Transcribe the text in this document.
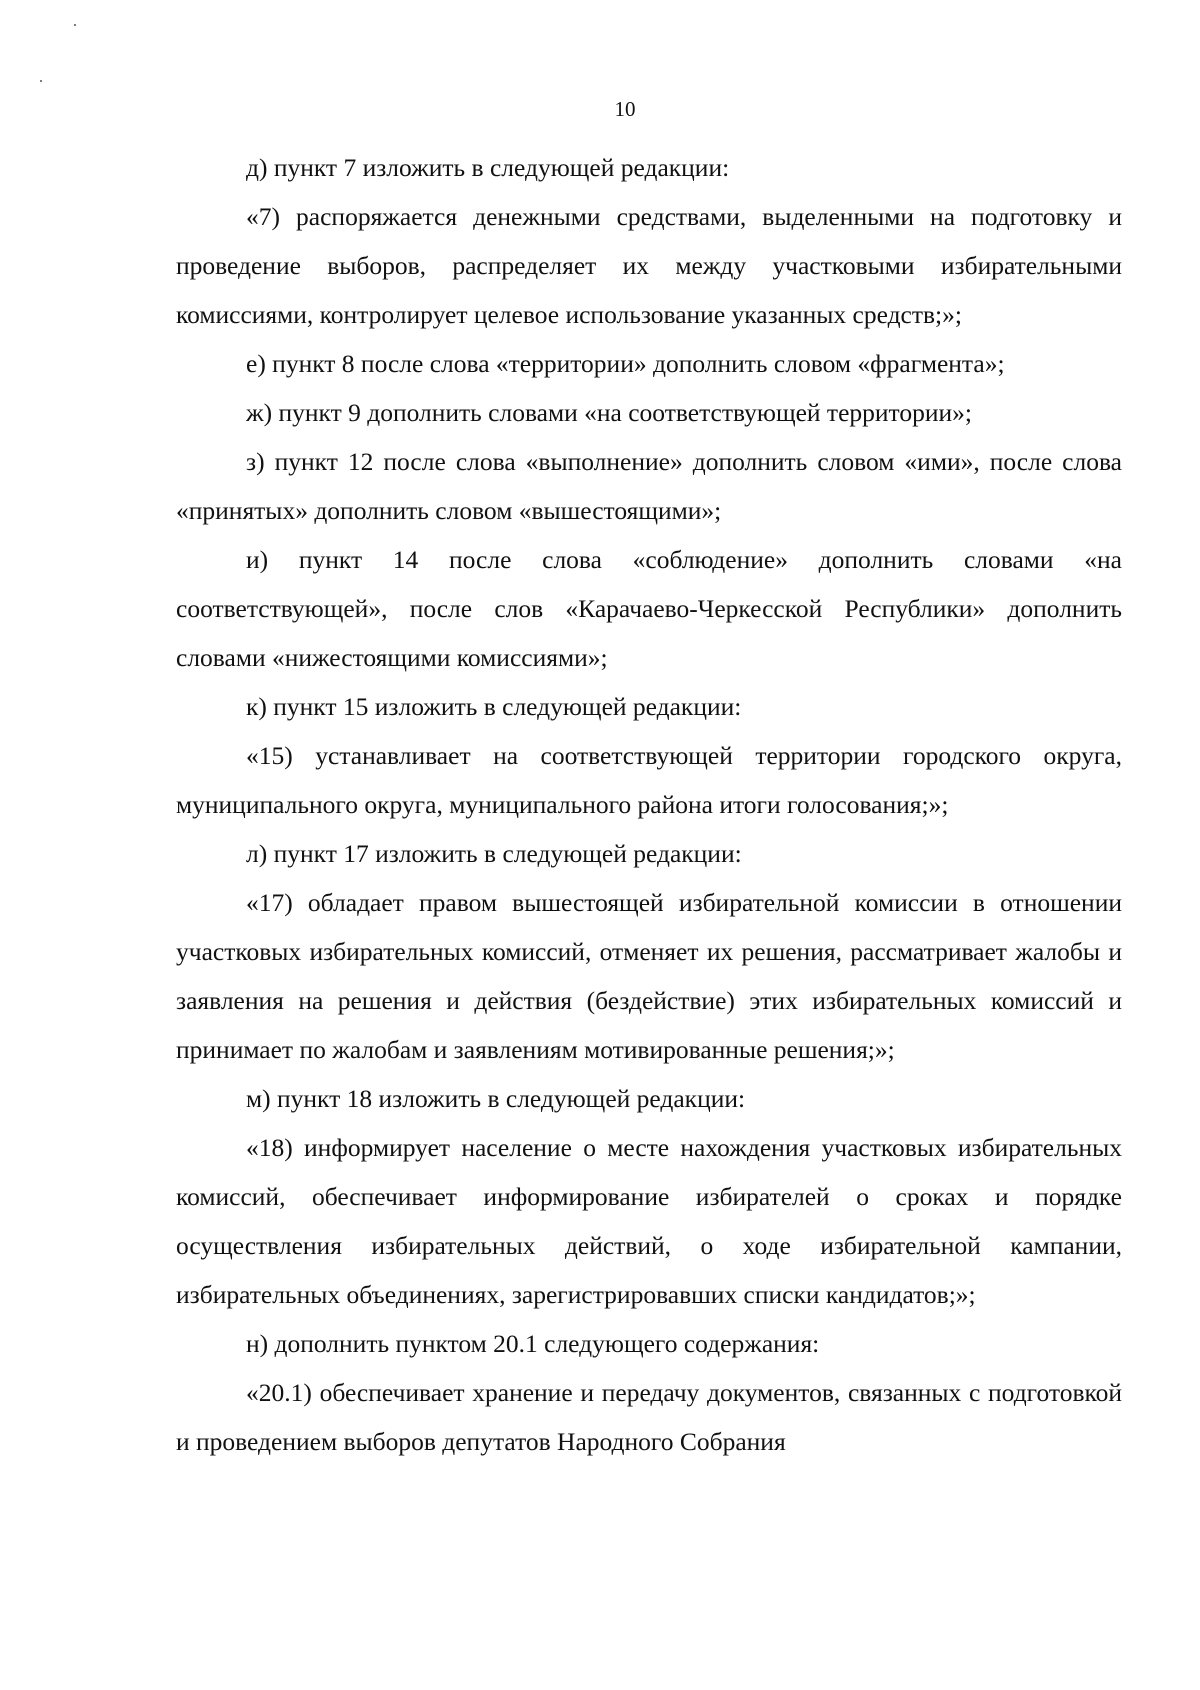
10

д) пункт 7 изложить в следующей редакции:

«7) распоряжается денежными средствами, выделенными на подготовку и проведение выборов, распределяет их между участковыми избирательными комиссиями, контролирует целевое использование указанных средств;»;

е) пункт 8 после слова «территории» дополнить словом «фрагмента»;

ж) пункт 9 дополнить словами «на соответствующей территории»;

з) пункт 12 после слова «выполнение» дополнить словом «ими», после слова «принятых» дополнить словом «вышестоящими»;

и) пункт 14 после слова «соблюдение» дополнить словами «на соответствующей», после слов «Карачаево-Черкесской Республики» дополнить словами «нижестоящими комиссиями»;

к) пункт 15 изложить в следующей редакции:

«15) устанавливает на соответствующей территории городского округа, муниципального округа, муниципального района итоги голосования;»;

л) пункт 17 изложить в следующей редакции:

«17) обладает правом вышестоящей избирательной комиссии в отношении участковых избирательных комиссий, отменяет их решения, рассматривает жалобы и заявления на решения и действия (бездействие) этих избирательных комиссий и принимает по жалобам и заявлениям мотивированные решения;»;

м) пункт 18 изложить в следующей редакции:

«18) информирует население о месте нахождения участковых избирательных комиссий, обеспечивает информирование избирателей о сроках и порядке осуществления избирательных действий, о ходе избирательной кампании, избирательных объединениях, зарегистрировавших списки кандидатов;»;

н) дополнить пунктом 20.1 следующего содержания:

«20.1) обеспечивает хранение и передачу документов, связанных с подготовкой и проведением выборов депутатов Народного Собрания
